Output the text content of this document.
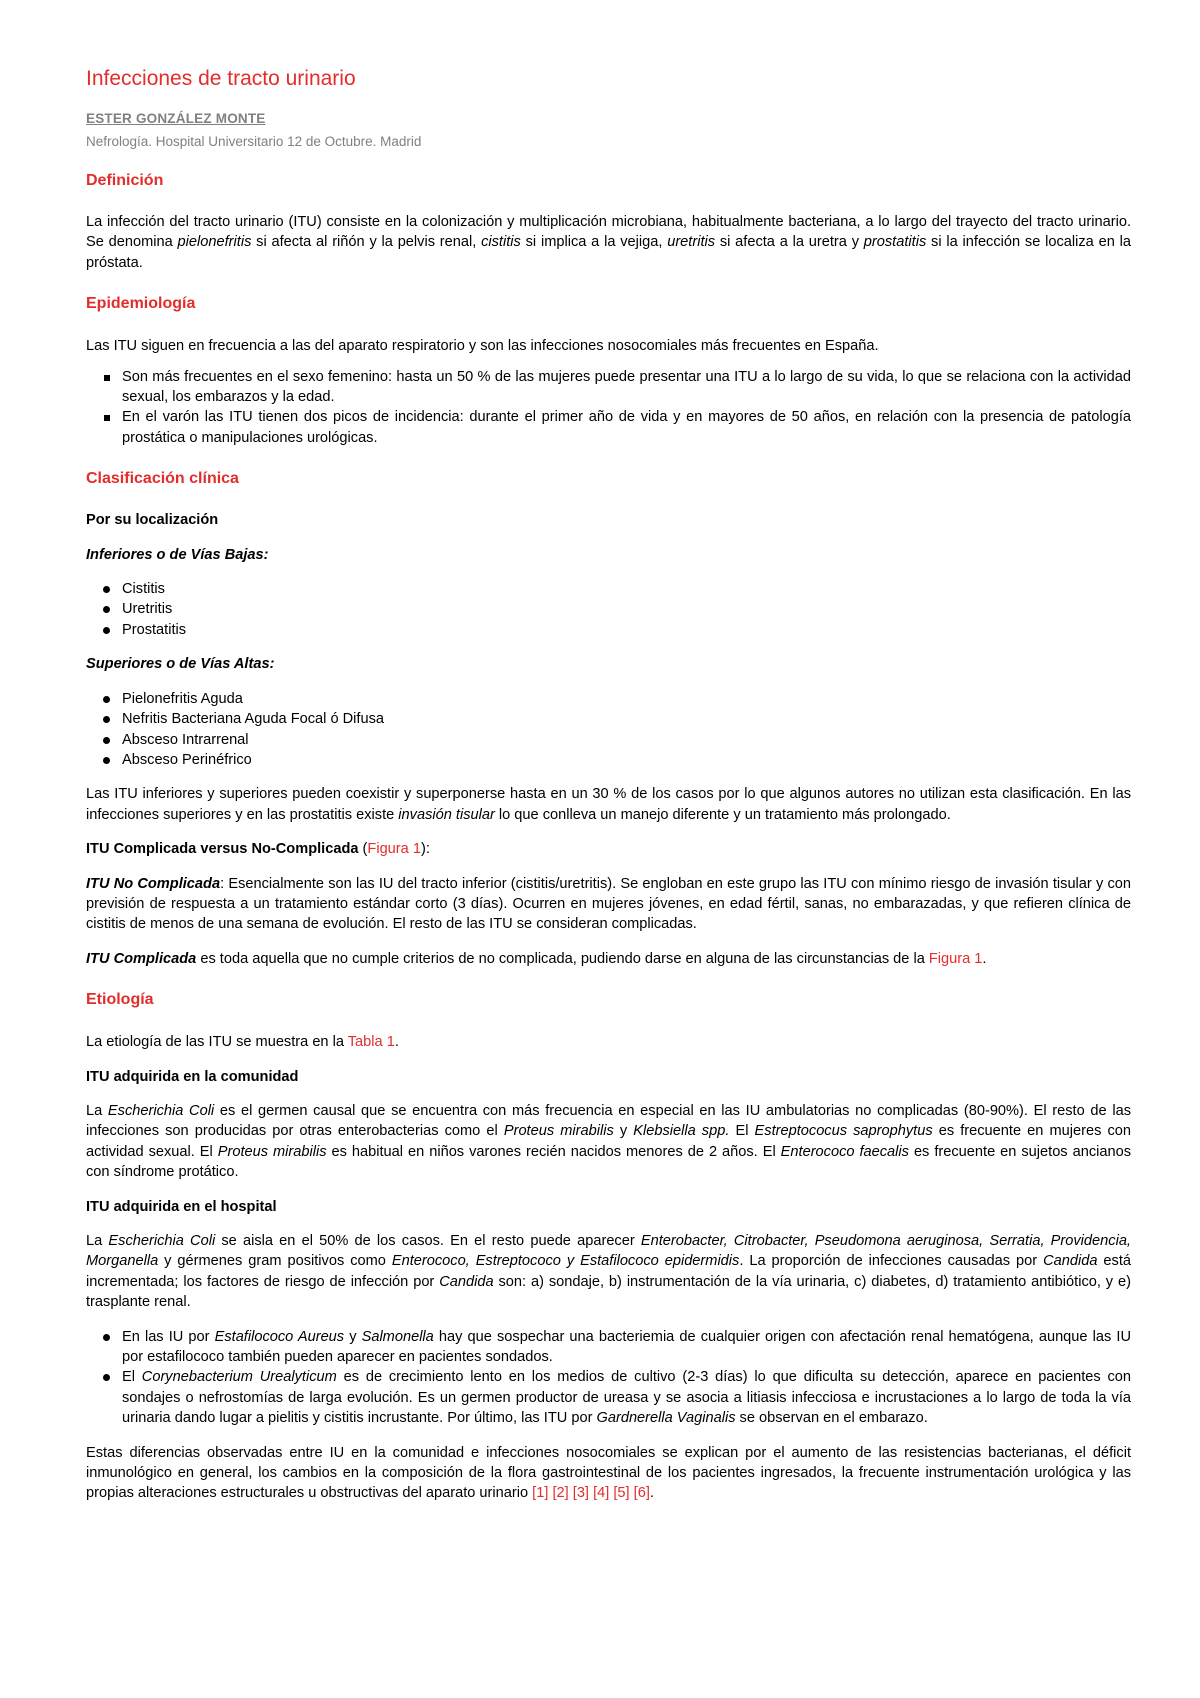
Infecciones de tracto urinario
ESTER GONZÁLEZ MONTE
Nefrología. Hospital Universitario 12 de Octubre. Madrid
Definición

La infección del tracto urinario (ITU) consiste en la colonización y multiplicación microbiana, habitualmente bacteriana, a lo largo del trayecto del tracto urinario. Se denomina pielonefritis si afecta al riñón y la pelvis renal, cistitis si implica a la vejiga, uretritis si afecta a la uretra y prostatitis si la infección se localiza en la próstata.

Epidemiología

Las ITU siguen en frecuencia a las del aparato respiratorio y son las infecciones nosocomiales más frecuentes en España.

Son más frecuentes en el sexo femenino: hasta un 50 % de las mujeres puede presentar una ITU a lo largo de su vida, lo que se relaciona con la actividad sexual, los embarazos y la edad.
En el varón las ITU tienen dos picos de incidencia: durante el primer año de vida y en mayores de 50 años, en relación con la presencia de patología prostática o manipulaciones urológicas.
Clasificación clínica

Por su localización

Inferiores o de Vías Bajas:

Cistitis
Uretritis
Prostatitis

Superiores o de Vías Altas:

Pielonefritis Aguda
Nefritis Bacteriana Aguda Focal ó Difusa
Absceso Intrarrenal
Absceso Perinéfrico

Las ITU inferiores y superiores pueden coexistir y superponerse hasta en un 30 % de los casos por lo que algunos autores no utilizan esta clasificación. En las infecciones superiores y en las prostatitis existe invasión tisular lo que conlleva un manejo diferente y un tratamiento más prolongado.

ITU Complicada versus No-Complicada (Figura 1):

ITU No Complicada: Esencialmente son las IU del tracto inferior (cistitis/uretritis). Se engloban en este grupo las ITU con mínimo riesgo de invasión tisular y con previsión de respuesta a un tratamiento estándar corto (3 días). Ocurren en mujeres jóvenes, en edad fértil, sanas, no embarazadas, y que refieren clínica de cistitis de menos de una semana de evolución. El resto de las ITU se consideran complicadas.

ITU Complicada es toda aquella que no cumple criterios de no complicada, pudiendo darse en alguna de las circunstancias de la Figura 1.

Etiología

La etiología de las ITU se muestra en la Tabla 1.

ITU adquirida en la comunidad

La Escherichia Coli es el germen causal que se encuentra con más frecuencia en especial en las IU ambulatorias no complicadas (80-90%). El resto de las infecciones son producidas por otras enterobacterias como el Proteus mirabilis y Klebsiella spp. El Estreptococus saprophytus es frecuente en mujeres con actividad sexual. El Proteus mirabilis es habitual en niños varones recién nacidos menores de 2 años. El Enterococo faecalis es frecuente en sujetos ancianos con síndrome protático.

ITU adquirida en el hospital

La Escherichia Coli se aisla en el 50% de los casos. En el resto puede aparecer Enterobacter, Citrobacter, Pseudomona aeruginosa, Serratia, Providencia, Morganella y gérmenes gram positivos como Enterococo, Estreptococo y Estafilococo epidermidis. La proporción de infecciones causadas por Candida está incrementada; los factores de riesgo de infección por Candida son: a) sondaje, b) instrumentación de la vía urinaria, c) diabetes, d) tratamiento antibiótico, y e) trasplante renal.

En las IU por Estafilococo Aureus y Salmonella hay que sospechar una bacteriemia de cualquier origen con afectación renal hematógena, aunque las IU por estafilococo también pueden aparecer en pacientes sondados.
El Corynebacterium Urealyticum es de crecimiento lento en los medios de cultivo (2-3 días) lo que dificulta su detección, aparece en pacientes con sondajes o nefrostomías de larga evolución. Es un germen productor de ureasa y se asocia a litiasis infecciosa e incrustaciones a lo largo de toda la vía urinaria dando lugar a pielitis y cistitis incrustante. Por último, las ITU por Gardnerella Vaginalis se observan en el embarazo.

Estas diferencias observadas entre IU en la comunidad e infecciones nosocomiales se explican por el aumento de las resistencias bacterianas, el déficit inmunológico en general, los cambios en la composición de la flora gastrointestinal de los pacientes ingresados, la frecuente instrumentación urológica y las propias alteraciones estructurales u obstructivas del aparato urinario [1] [2] [3] [4] [5] [6].
